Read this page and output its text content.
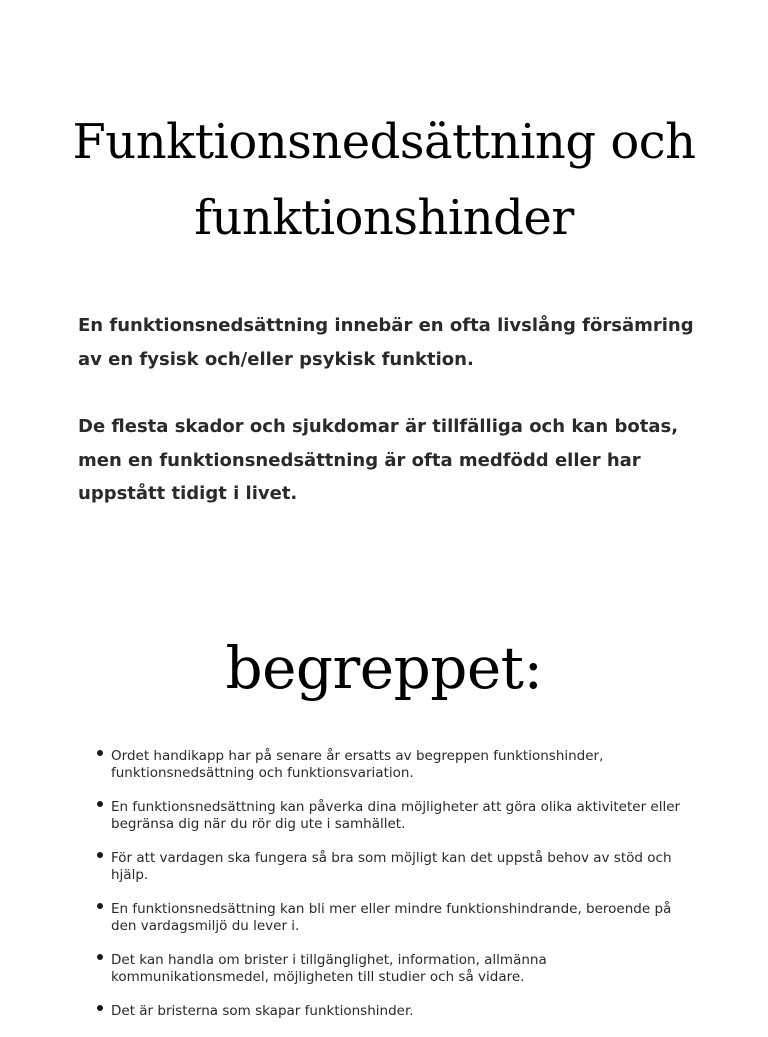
Funktionsnedsättning och funktionshinder

En funktionsnedsättning innebär en ofta livslång försämring av en fysisk och/eller psykisk funktion.

De flesta skador och sjukdomar är tillfälliga och kan botas, men en funktionsnedsättning är ofta medfödd eller har uppstått tidigt i livet.

begreppet:
Ordet handikapp har på senare år ersatts av begreppen funktionshinder, funktionsnedsättning och funktionsvariation.
En funktionsnedsättning kan påverka dina möjligheter att göra olika aktiviteter eller begränsa dig när du rör dig ute i samhället.
För att vardagen ska fungera så bra som möjligt kan det uppstå behov av stöd och hjälp.
En funktionsnedsättning kan bli mer eller mindre funktionshindrande, beroende på den vardagsmiljö du lever i.
Det kan handla om brister i tillgänglighet, information, allmänna kommunikationsmedel, möjligheten till studier och så vidare.
Det är bristerna som skapar funktionshinder.
